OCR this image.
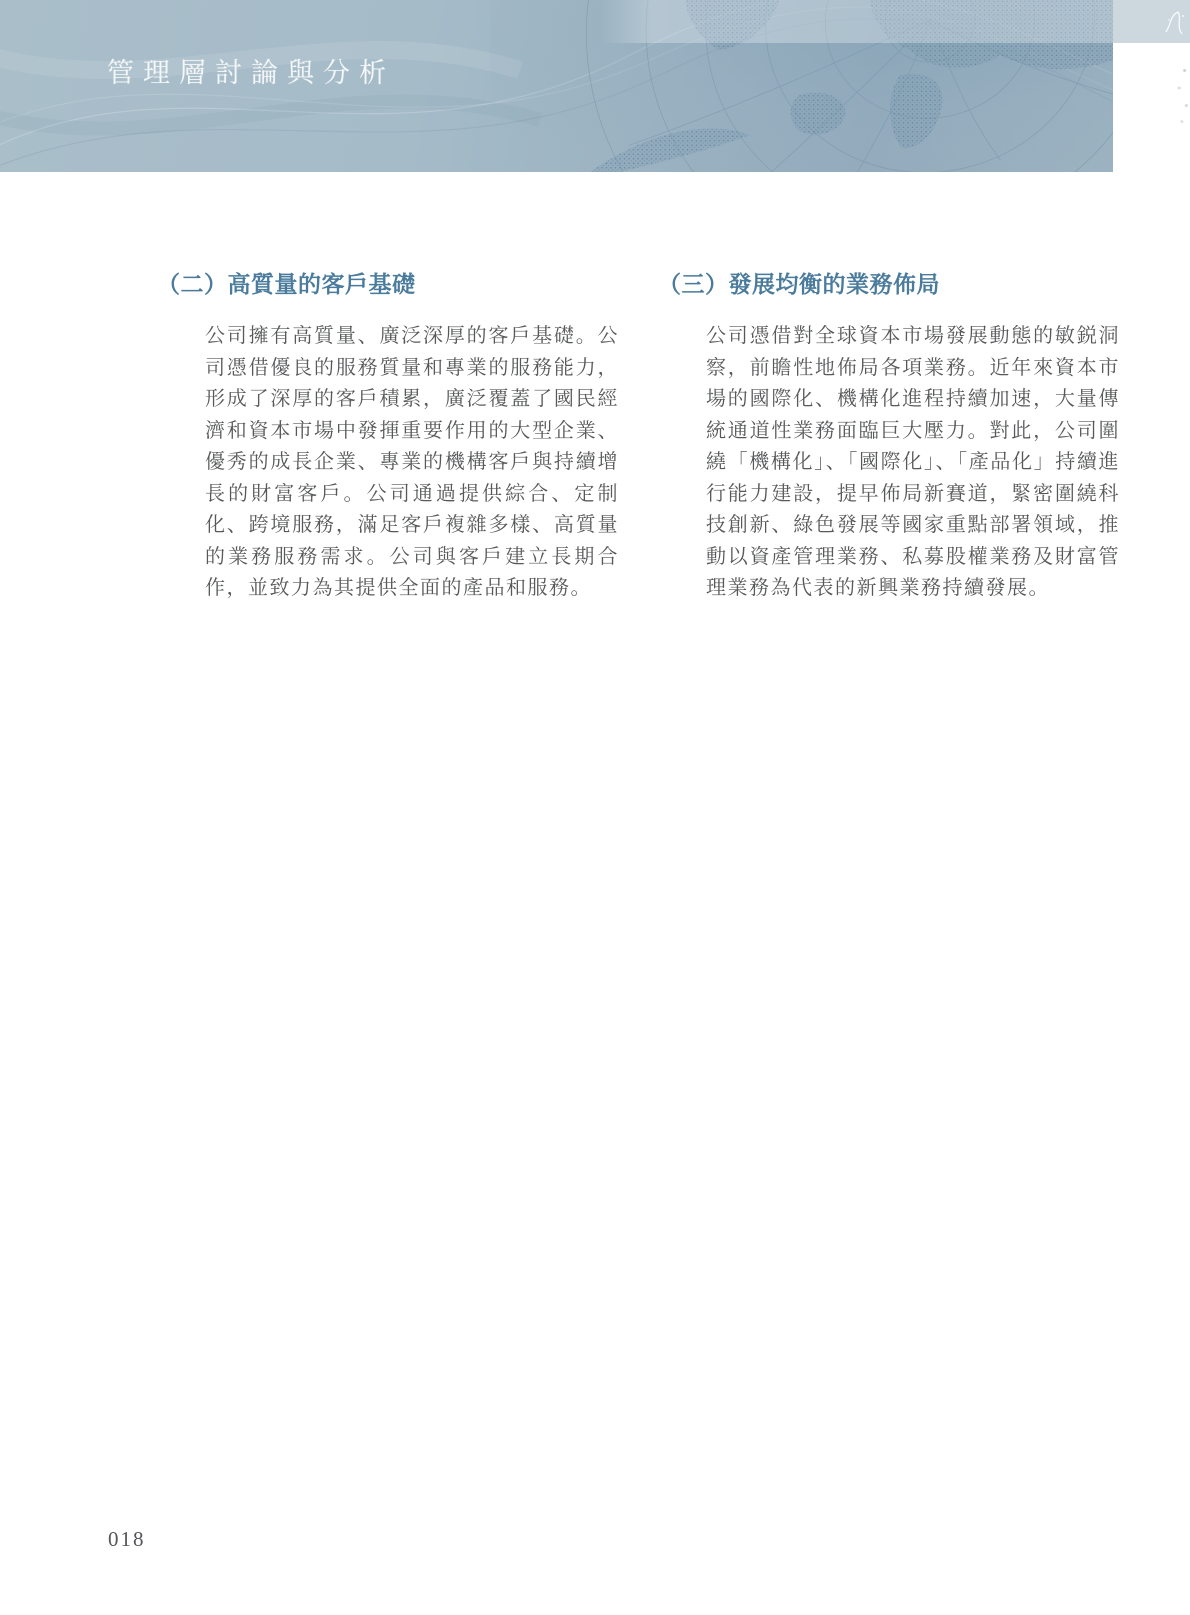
管理層討論與分析
（二）高質量的客戶基礎

公司擁有高質量、廣泛深厚的客戶基礎。公司憑借優良的服務質量和專業的服務能力，形成了深厚的客戶積累，廣泛覆蓋了國民經濟和資本市場中發揮重要作用的大型企業、優秀的成長企業、專業的機構客戶與持續增長的財富客戶。公司通過提供綜合、定制化、跨境服務，滿足客戶複雜多樣、高質量的業務服務需求。公司與客戶建立長期合作，並致力為其提供全面的產品和服務。

（三）發展均衡的業務佈局

公司憑借對全球資本市場發展動態的敏鋭洞察，前瞻性地佈局各項業務。近年來資本市場的國際化、機構化進程持續加速，大量傳統通道性業務面臨巨大壓力。對此，公司圍繞「機構化」、「國際化」、「產品化」持續進行能力建設，提早佈局新賽道，緊密圍繞科技創新、綠色發展等國家重點部署領域，推動以資產管理業務、私募股權業務及財富管理業務為代表的新興業務持續發展。

018
